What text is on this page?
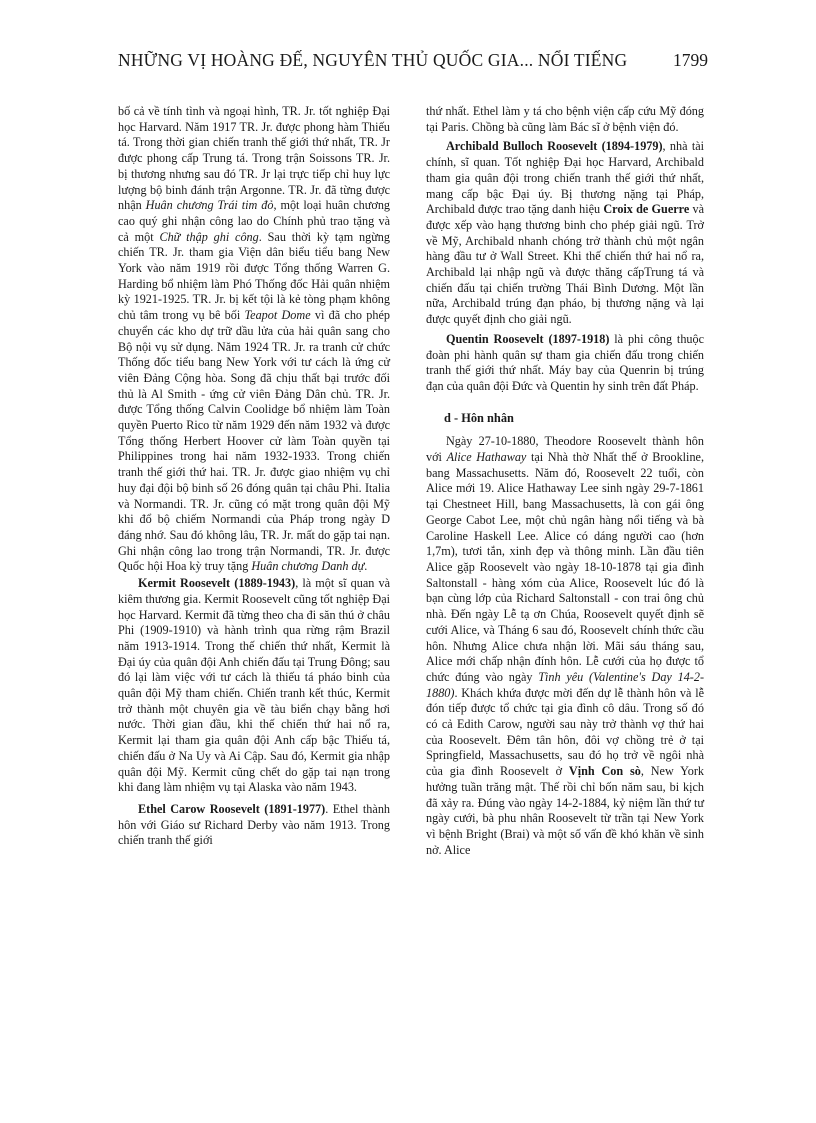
NHỮNG VỊ HOÀNG ĐẾ, NGUYÊN THỦ QUỐC GIA... NỔI TIẾNG	1799

bố cả về tính tình và ngoại hình, TR. Jr. tốt nghiệp Đại học Harvard. Năm 1917 TR. Jr. được phong hàm Thiếu tá. Trong thời gian chiến tranh thế giới thứ nhất, TR. Jr được phong cấp Trung tá. Trong trận Soissons TR. Jr. bị thương nhưng sau đó TR. Jr lại trực tiếp chỉ huy lực lượng bộ binh đánh trận Argonne. TR. Jr. đã từng được nhận Huân chương Trái tim đỏ, một loại huân chương cao quý ghi nhận công lao do Chính phủ trao tặng và cả một Chữ thập ghi công. Sau thời kỳ tạm ngừng chiến TR. Jr. tham gia Viện dân biểu tiểu bang New York vào năm 1919 rồi được Tổng thống Warren G. Harding bổ nhiệm làm Phó Thống đốc Hải quân nhiệm kỳ 1921-1925. TR. Jr. bị kết tội là kẻ tòng phạm không chủ tâm trong vụ bê bối Teapot Dome vì đã cho phép chuyển các kho dự trữ dầu lửa của hải quân sang cho Bộ nội vụ sử dụng. Năm 1924 TR. Jr. ra tranh cử chức Thống đốc tiểu bang New York với tư cách là ứng cử viên Đảng Cộng hòa. Song đã chịu thất bại trước đối thủ là Al Smith - ứng cử viên Đảng Dân chủ. TR. Jr. được Tổng thống Calvin Coolidge bổ nhiệm làm Toàn quyền Puerto Rico từ năm 1929 đến năm 1932 và được Tổng thống Herbert Hoover cử làm Toàn quyền tại Philippines trong hai năm 1932-1933. Trong chiến tranh thế giới thứ hai. TR. Jr. được giao nhiệm vụ chỉ huy đại đội bộ binh số 26 đóng quân tại châu Phi. Italia và Normandi. TR. Jr. cũng có mặt trong quân đội Mỹ khi đổ bộ chiếm Normandi của Pháp trong ngày D đáng nhớ. Sau đó không lâu, TR. Jr. mất do gặp tai nạn. Ghi nhận công lao trong trận Normandi, TR. Jr. được Quốc hội Hoa kỳ truy tặng Huân chương Danh dự.

Kermit Roosevelt (1889-1943), là một sĩ quan và kiêm thương gia. Kermit Roosevelt cũng tốt nghiệp Đại học Harvard. Kermit đã từng theo cha đi săn thú ở châu Phi (1909-1910) và hành trình qua rừng rậm Brazil năm 1913-1914. Trong thế chiến thứ nhất, Kermit là Đại úy của quân đội Anh chiến đấu tại Trung Đông; sau đó lại làm việc với tư cách là thiếu tá pháo binh của quân đội Mỹ tham chiến. Chiến tranh kết thúc, Kermit trở thành một chuyên gia về tàu biển chạy bằng hơi nước. Thời gian đầu, khi thế chiến thứ hai nổ ra, Kermit lại tham gia quân đội Anh cấp bậc Thiếu tá, chiến đấu ở Na Uy và Ai Cập. Sau đó, Kermit gia nhập quân đội Mỹ. Kermit cũng chết do gặp tai nạn trong khi đang làm nhiệm vụ tại Alaska vào năm 1943.

Ethel Carow Roosevelt (1891-1977). Ethel thành hôn với Giáo sư Richard Derby vào năm 1913. Trong chiến tranh thế giới

thứ nhất. Ethel làm y tá cho bệnh viện cấp cứu Mỹ đóng tại Paris. Chồng bà cũng làm Bác sĩ ở bệnh viện đó.

Archibald Bulloch Roosevelt (1894-1979), nhà tài chính, sĩ quan. Tốt nghiệp Đại học Harvard, Archibald tham gia quân đội trong chiến tranh thế giới thứ nhất, mang cấp bậc Đại úy. Bị thương nặng tại Pháp, Archibald được trao tặng danh hiệu Croix de Guerre và được xếp vào hạng thương binh cho phép giải ngũ. Trở về Mỹ, Archibald nhanh chóng trở thành chủ một ngân hàng đầu tư ở Wall Street. Khi thế chiến thứ hai nổ ra, Archibald lại nhập ngũ và được thăng cấpTrung tá và chiến đấu tại chiến trường Thái Bình Dương. Một lần nữa, Archibald trúng đạn pháo, bị thương nặng và lại được quyết định cho giải ngũ.

Quentin Roosevelt (1897-1918) là phi công thuộc đoàn phi hành quân sự tham gia chiến đấu trong chiến tranh thế giới thứ nhất. Máy bay của Quenrin bị trúng đạn của quân đội Đức và Quentin hy sinh trên đất Pháp.

d - Hôn nhân

Ngày 27-10-1880, Theodore Roosevelt thành hôn với Alice Hathaway tại Nhà thờ Nhất thế ở Brookline, bang Massachusetts. Năm đó, Roosevelt 22 tuổi, còn Alice mới 19. Alice Hathaway Lee sinh ngày 29-7-1861 tại Chestneet Hill, bang Massachusetts, là con gái ông George Cabot Lee, một chủ ngân hàng nổi tiếng và bà Caroline Haskell Lee. Alice có dáng người cao (hơn 1,7m), tươi tắn, xinh đẹp và thông minh. Lần đầu tiên Alice gặp Roosevelt vào ngày 18-10-1878 tại gia đình Saltonstall - hàng xóm của Alice, Roosevelt lúc đó là bạn cùng lớp của Richard Saltonstall - con trai ông chủ nhà. Đến ngày Lễ tạ ơn Chúa, Roosevelt quyết định sẽ cưới Alice, và Tháng 6 sau đó, Roosevelt chính thức cầu hôn. Nhưng Alice chưa nhận lời. Mãi sáu tháng sau, Alice mới chấp nhận đính hôn. Lễ cưới của họ được tổ chức đúng vào ngày Tình yêu (Valentine's Day 14-2-1880). Khách khứa được mời đến dự lễ thành hôn và lễ đón tiếp được tổ chức tại gia đình cô dâu. Trong số đó có cả Edith Carow, người sau này trở thành vợ thứ hai của Roosevelt. Đêm tân hôn, đôi vợ chồng trẻ ở tại Springfield, Massachusetts, sau đó họ trở về ngôi nhà của gia đình Roosevelt ở Vịnh Con sò, New York hưởng tuần trăng mật. Thế rồi chỉ bốn năm sau, bi kịch đã xảy ra. Đúng vào ngày 14-2-1884, kỷ niệm lần thứ tư ngày cưới, bà phu nhân Roosevelt từ trần tại New York vì bệnh Bright (Brai) và một số vấn đề khó khăn về sinh nở. Alice
